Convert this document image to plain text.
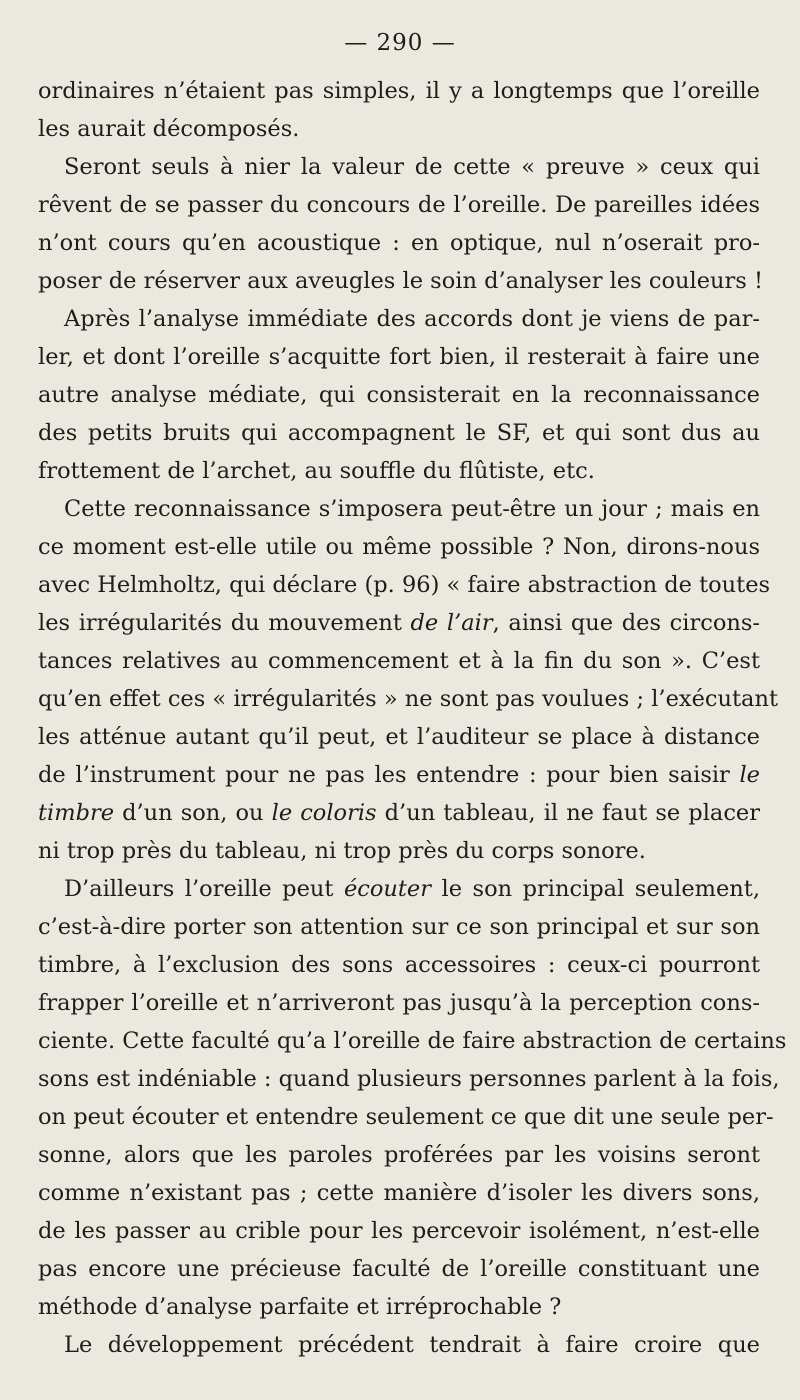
— 290 —
ordinaires n’étaient pas simples, il y a longtemps que l’oreille
les aurait décomposés.
Seront seuls à nier la valeur de cette « preuve » ceux qui
rêvent de se passer du concours de l’oreille. De pareilles idées
n’ont cours qu’en acoustique : en optique, nul n’oserait pro-
poser de réserver aux aveugles le soin d’analyser les couleurs !
Après l’analyse immédiate des accords dont je viens de par-
ler, et dont l’oreille s’acquitte fort bien, il resterait à faire une
autre analyse médiate, qui consisterait en la reconnaissance
des petits bruits qui accompagnent le SF, et qui sont dus au
frottement de l’archet, au souffle du flûtiste, etc.
Cette reconnaissance s’imposera peut-être un jour ; mais en
ce moment est-elle utile ou même possible ? Non, dirons-nous
avec Helmholtz, qui déclare (p. 96) « faire abstraction de toutes
les irrégularités du mouvement de l’air, ainsi que des circons-
tances relatives au commencement et à la fin du son ». C’est
qu’en effet ces « irrégularités » ne sont pas voulues ; l’exécutant
les atténue autant qu’il peut, et l’auditeur se place à distance
de l’instrument pour ne pas les entendre : pour bien saisir le
timbre d’un son, ou le coloris d’un tableau, il ne faut se placer
ni trop près du tableau, ni trop près du corps sonore.
D’ailleurs l’oreille peut écouter le son principal seulement,
c’est-à-dire porter son attention sur ce son principal et sur son
timbre, à l’exclusion des sons accessoires : ceux-ci pourront
frapper l’oreille et n’arriveront pas jusqu’à la perception cons-
ciente. Cette faculté qu’a l’oreille de faire abstraction de certains
sons est indéniable : quand plusieurs personnes parlent à la fois,
on peut écouter et entendre seulement ce que dit une seule per-
sonne, alors que les paroles proférées par les voisins seront
comme n’existant pas ; cette manière d’isoler les divers sons,
de les passer au crible pour les percevoir isolément, n’est-elle
pas encore une précieuse faculté de l’oreille constituant une
méthode d’analyse parfaite et irréprochable ?
Le développement précédent tendrait à faire croire que
